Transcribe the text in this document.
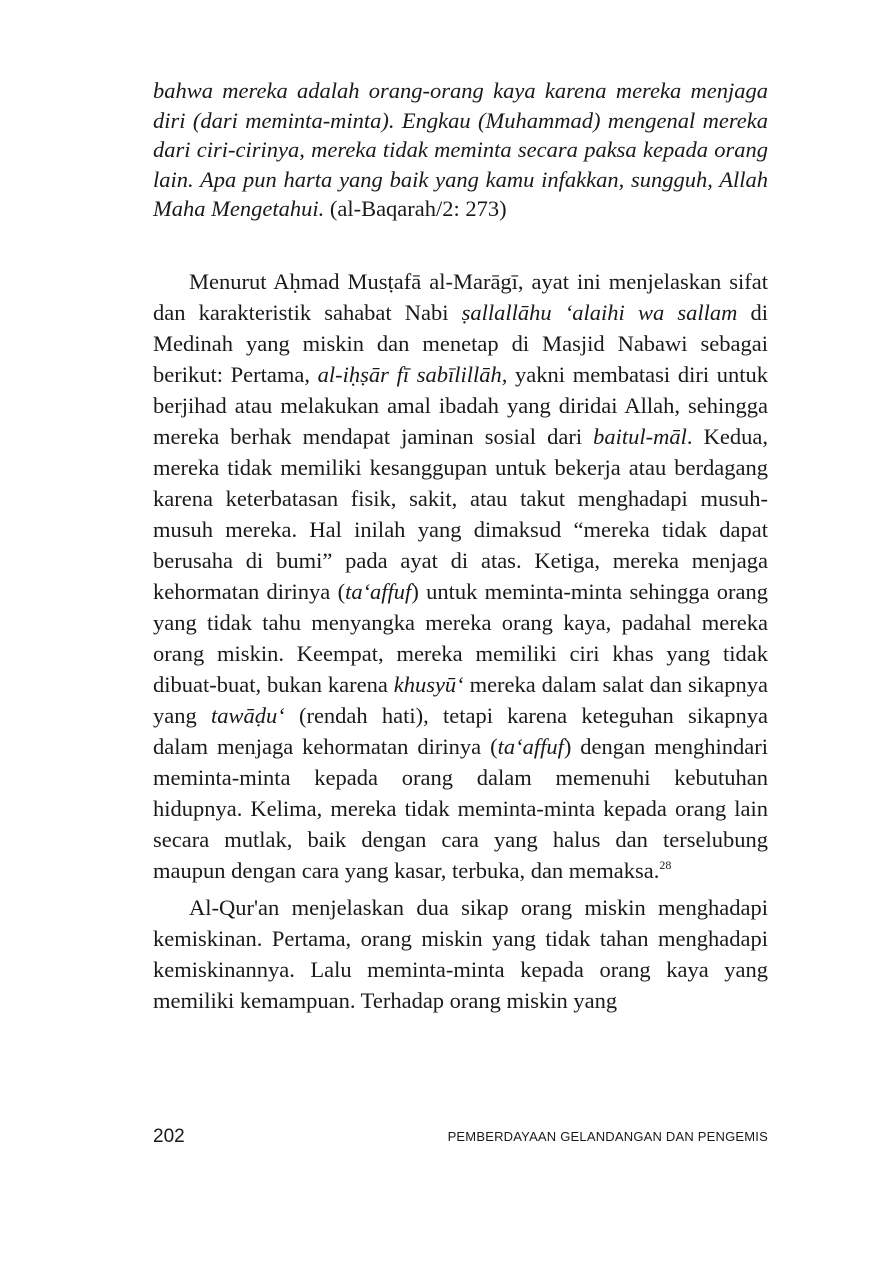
bahwa mereka adalah orang-orang kaya karena mereka menjaga diri (dari meminta-minta). Engkau (Muhammad) mengenal mereka dari ciri-cirinya, mereka tidak meminta secara paksa kepada orang lain. Apa pun harta yang baik yang kamu infakkan, sungguh, Allah Maha Mengetahui. (al-Baqarah/2: 273)

Menurut Aḥmad Musṭafā al-Marāgī, ayat ini menjelaskan sifat dan karakteristik sahabat Nabi ṣallallāhu ‘alaihi wa sallam di Medinah yang miskin dan menetap di Masjid Nabawi sebagai berikut: Pertama, al-iḥṣār fī sabīlillāh, yakni membatasi diri untuk berjihad atau melakukan amal ibadah yang diridai Allah, sehingga mereka berhak mendapat jaminan sosial dari baitul-māl. Kedua, mereka tidak memiliki kesanggupan untuk bekerja atau berdagang karena keterbatasan fisik, sakit, atau takut menghadapi musuh-musuh mereka. Hal inilah yang dimaksud “mereka tidak dapat berusaha di bumi” pada ayat di atas. Ketiga, mereka menjaga kehormatan dirinya (ta‘affuf) untuk meminta-minta sehingga orang yang tidak tahu menyangka mereka orang kaya, padahal mereka orang miskin. Keempat, mereka memiliki ciri khas yang tidak dibuat-buat, bukan karena khusyū‘ mereka dalam salat dan sikapnya yang tawāḍu‘ (rendah hati), tetapi karena keteguhan sikapnya dalam menjaga kehormatan dirinya (ta‘affuf) dengan menghindari meminta-minta kepada orang dalam memenuhi kebutuhan hidupnya. Kelima, mereka tidak meminta-minta kepada orang lain secara mutlak, baik dengan cara yang halus dan terselubung maupun dengan cara yang kasar, terbuka, dan memaksa.$^{28}$

Al-Qur'an menjelaskan dua sikap orang miskin menghadapi kemiskinan. Pertama, orang miskin yang tidak tahan menghadapi kemiskinannya. Lalu meminta-minta kepada orang kaya yang memiliki kemampuan. Terhadap orang miskin yang

202	PEMBERDAYAAN GELANDANGAN DAN PENGEMIS
